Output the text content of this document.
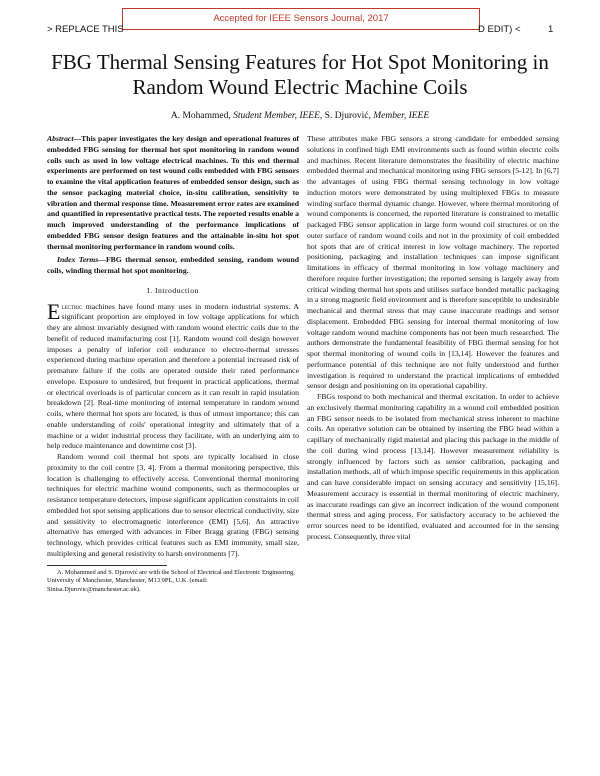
Accepted for IEEE Sensors Journal, 2017
> REPLACE THIS	D EDIT) <	1
FBG Thermal Sensing Features for Hot Spot Monitoring in Random Wound Electric Machine Coils
A. Mohammed, Student Member, IEEE, S. Djurović, Member, IEEE

Abstract—This paper investigates the key design and operational features of embedded FBG sensing for thermal hot spot monitoring in random wound coils such as used in low voltage electrical machines. To this end thermal experiments are performed on test wound coils embedded with FBG sensors to examine the vital application features of embedded sensor design, such as the sensor packaging material choice, in-situ calibration, sensitivity to vibration and thermal response time. Measurement error rates are examined and quantified in representative practical tests. The reported results enable a much improved understanding of the performance implications of embedded FBG sensor design features and the attainable in-situ hot spot thermal monitoring performance in random wound coils.

Index Terms—FBG thermal sensor, embedded sensing, random wound coils, winding thermal hot spot monitoring.

I. Introduction

Electric machines have found many uses in modern industrial systems. A significant proportion are employed in low voltage applications for which they are almost invariably designed with random wound electric coils due to the benefit of reduced manufacturing cost [1]. Random wound coil design however imposes a penalty of inferior coil endurance to electro-thermal stresses experienced during machine operation and therefore a potential increased risk of premature failure if the coils are operated outside their rated performance envelope. Exposure to undesired, but frequent in practical applications, thermal or electrical overloads is of particular concern as it can result in rapid insulation breakdown [2]. Real-time monitoring of internal temperature in random wound coils, where thermal hot spots are located, is thus of utmost importance; this can enable understanding of coils' operational integrity and ultimately that of a machine or a wider industrial process they facilitate, with an underlying aim to help reduce maintenance and downtime cost [3].

Random wound coil thermal hot spots are typically localised in close proximity to the coil centre [3, 4]. From a thermal monitoring perspective, this location is challenging to effectively access. Conventional thermal monitoring techniques for electric machine wound components, such as thermocouples or resistance temperature detectors, impose significant application constraints in coil embedded hot spot sensing applications due to sensor electrical conductivity, size and sensitivity to electromagnetic interference (EMI) [5,6]. An attractive alternative has emerged with advances in Fiber Bragg grating (FBG) sensing technology, which provides critical features such as EMI immunity, small size, multiplexing and general resistivity to harsh environments [7].

A. Mohammed and S. Djurović are with the School of Electrical and Electronic Engineering, University of Manchester, Manchester, M13 9PL, U.K. (email: Sinisa.Djurovic@manchester.ac.uk).

These attributes make FBG sensors a strong candidate for embedded sensing solutions in confined high EMI environments such as found within electric coils and machines. Recent literature demonstrates the feasibility of electric machine embedded thermal and mechanical monitoring using FBG sensors [5-12]. In [6,7] the advantages of using FBG thermal sensing technology in low voltage induction motors were demonstrated by using multiplexed FBGs to measure winding surface thermal dynamic change. However, where thermal monitoring of wound components is concerned, the reported literature is constrained to metallic packaged FBG sensor application in large form wound coil structures or on the outer surface of random wound coils and not in the proximity of coil embedded hot spots that are of critical interest in low voltage machinery. The reported positioning, packaging and installation techniques can impose significant limitations in efficacy of thermal monitoring in low voltage machinery and therefore require further investigation; the reported sensing is largely away from critical winding thermal hot spots and utilises surface bonded metallic packaging in a strong magnetic field environment and is therefore susceptible to undesirable mechanical and thermal stress that may cause inaccurate readings and sensor displacement. Embedded FBG sensing for internal thermal monitoring of low voltage random wound machine components has not been much researched. The authors demonstrate the fundamental feasibility of FBG thermal sensing for hot spot thermal monitoring of wound coils in [13,14]. However the features and performance potential of this technique are not fully understood and further investigation is required to understand the practical implications of embedded sensor design and positioning on its operational capability.

FBGs respond to both mechanical and thermal excitation. In order to achieve an exclusively thermal monitoring capability in a wound coil embedded position an FBG sensor needs to be isolated from mechanical stress inherent to machine coils. An operative solution can be obtained by inserting the FBG head within a capillary of mechanically rigid material and placing this package in the middle of the coil during wind process [13,14]. However measurement reliability is strongly influenced by factors such as sensor calibration, packaging and installation methods, all of which impose specific requirements in this application and can have considerable impact on sensing accuracy and sensitivity [15,16]. Measurement accuracy is essential in thermal monitoring of electric machinery, as inaccurate readings can give an incorrect indication of the wound component thermal stress and aging process. For satisfactory accuracy to be achieved the error sources need to be identified, evaluated and accounted for in the sensing process. Consequently, three vital
